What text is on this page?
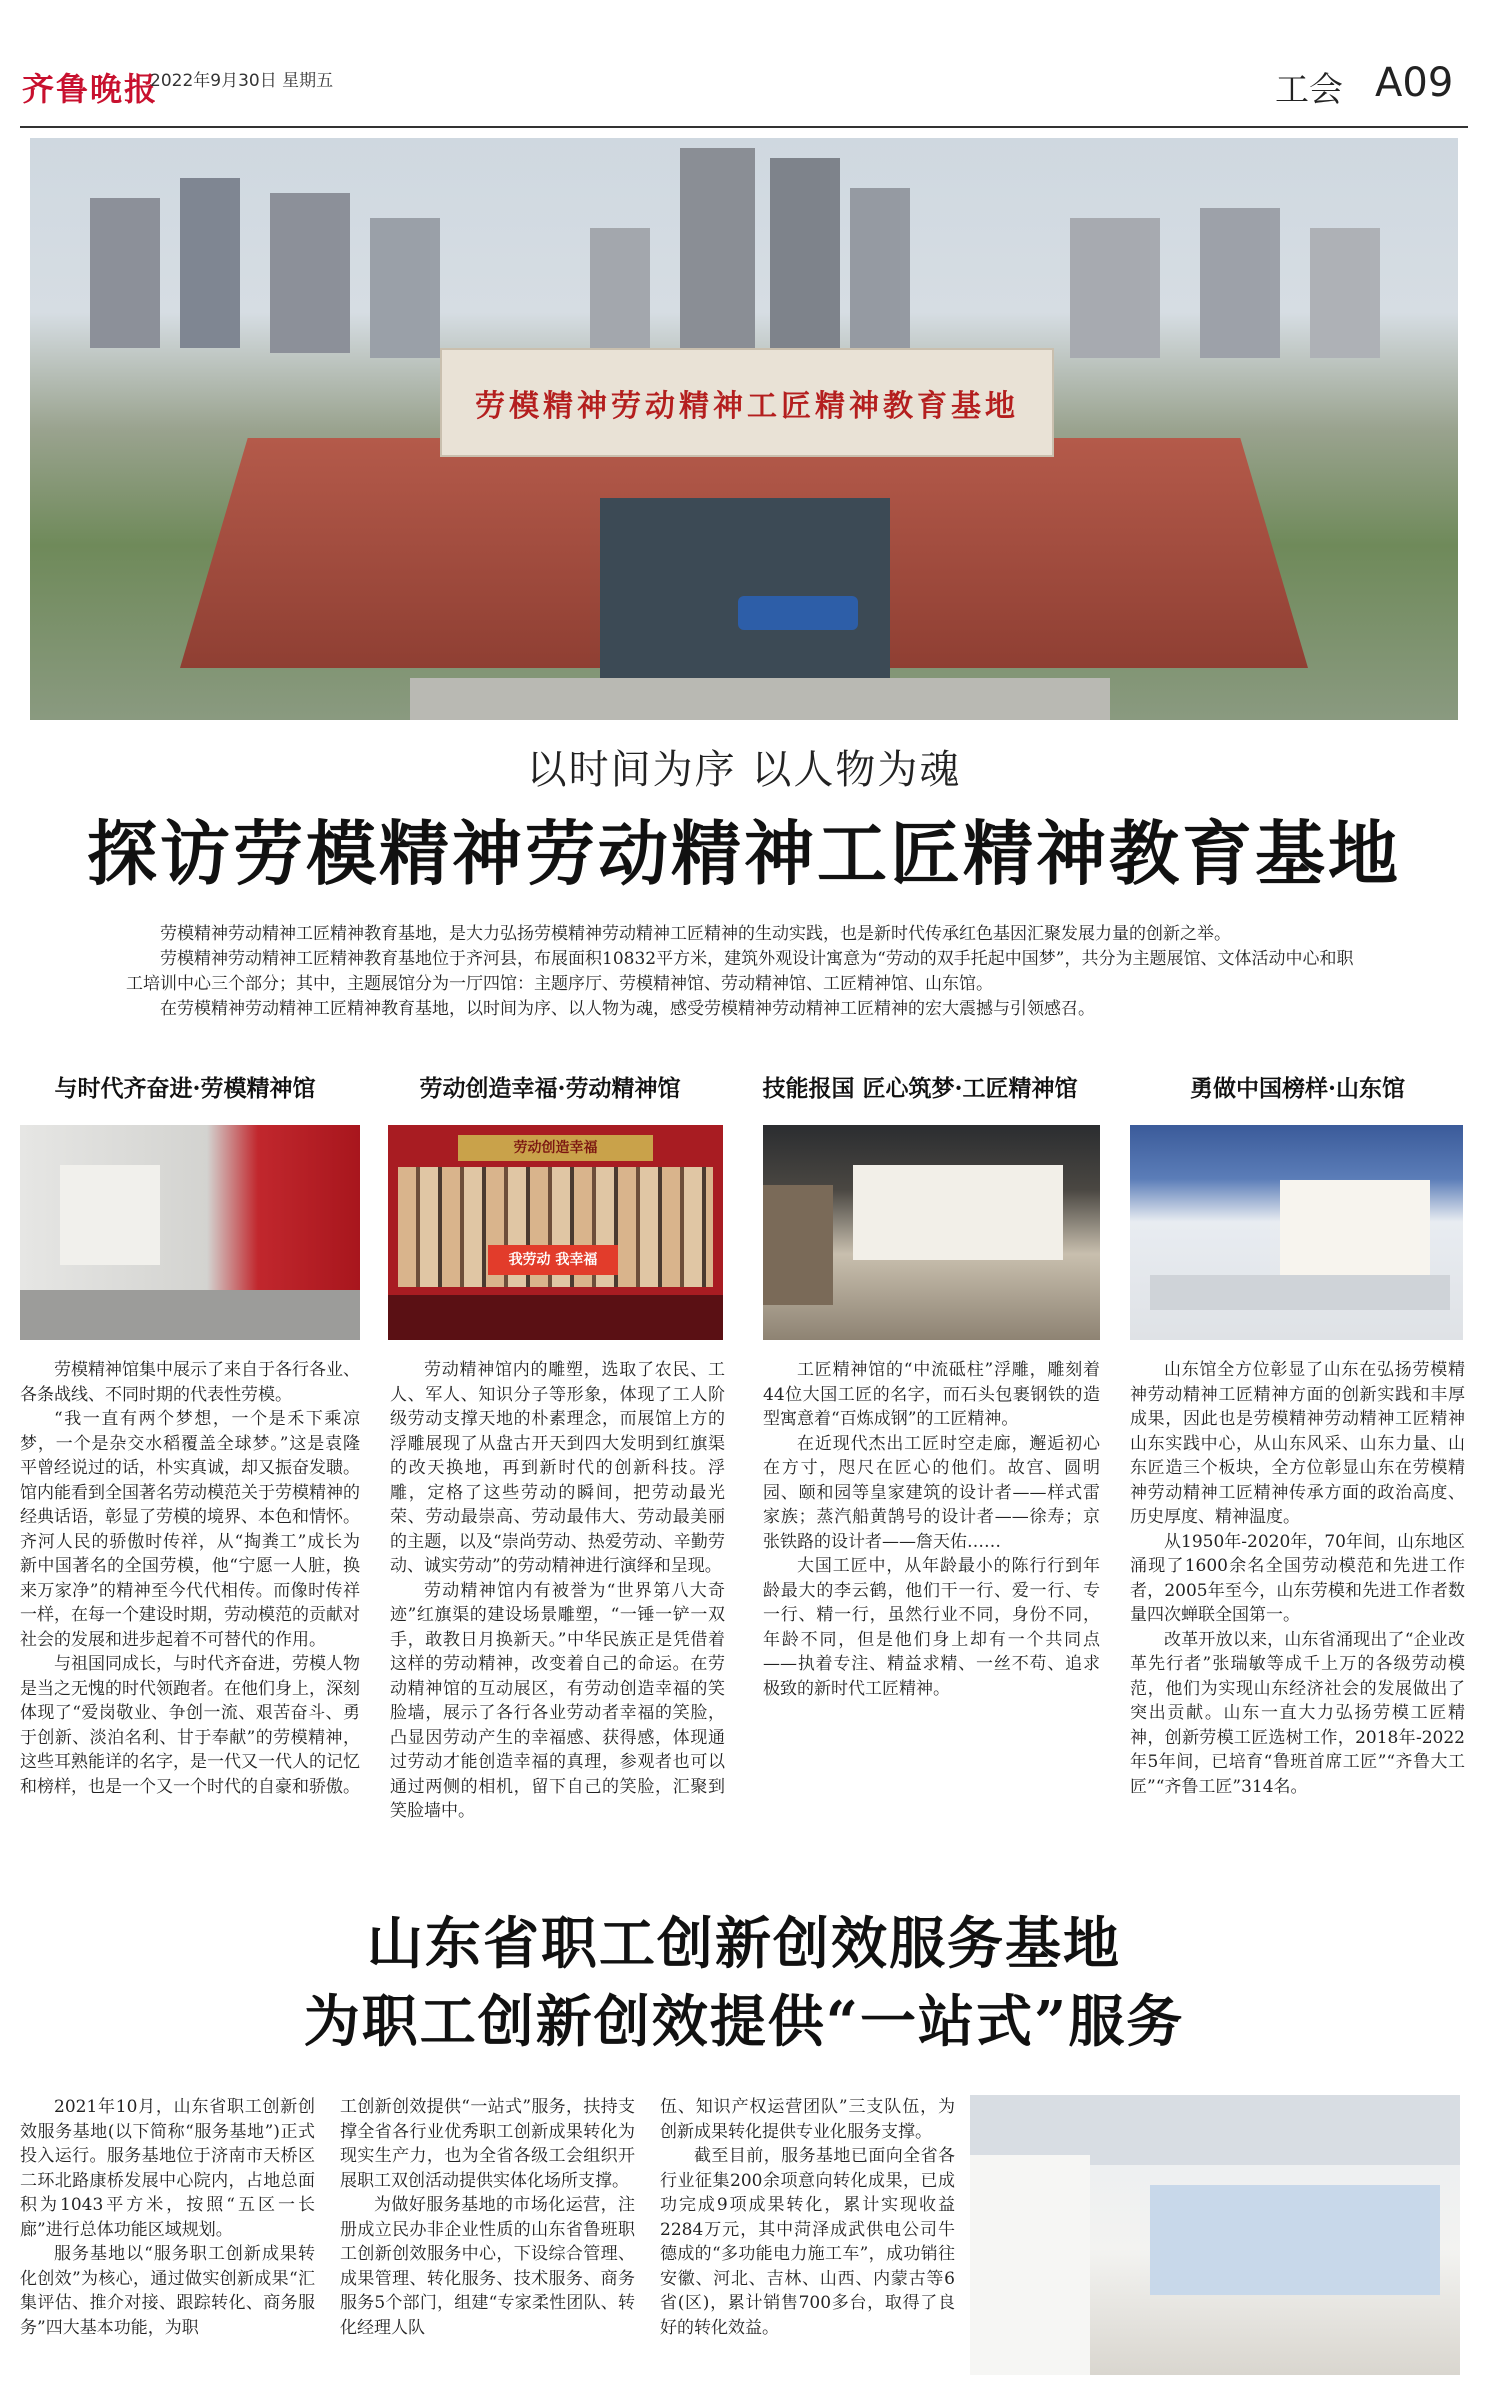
齐鲁晚报
2022年9月30日 星期五	工会 A09
劳模精神劳动精神工匠精神教育基地
以时间为序 以人物为魂
探访劳模精神劳动精神工匠精神教育基地

劳模精神劳动精神工匠精神教育基地，是大力弘扬劳模精神劳动精神工匠精神的生动实践，也是新时代传承红色基因汇聚发展力量的创新之举。

劳模精神劳动精神工匠精神教育基地位于齐河县，布展面积10832平方米，建筑外观设计寓意为“劳动的双手托起中国梦”，共分为主题展馆、文体活动中心和职工培训中心三个部分；其中，主题展馆分为一厅四馆：主题序厅、劳模精神馆、劳动精神馆、工匠精神馆、山东馆。

在劳模精神劳动精神工匠精神教育基地，以时间为序、以人物为魂，感受劳模精神劳动精神工匠精神的宏大震撼与引领感召。

与时代齐奋进·劳模精神馆	劳动创造幸福·劳动精神馆	技能报国 匠心筑梦·工匠精神馆	勇做中国榜样·山东馆
劳动创造幸福
我劳动 我幸福

劳模精神馆集中展示了来自于各行各业、各条战线、不同时期的代表性劳模。

“我一直有两个梦想，一个是禾下乘凉梦，一个是杂交水稻覆盖全球梦。”这是袁隆平曾经说过的话，朴实真诚，却又振奋发聩。馆内能看到全国著名劳动模范关于劳模精神的经典话语，彰显了劳模的境界、本色和情怀。齐河人民的骄傲时传祥，从“掏粪工”成长为新中国著名的全国劳模，他“宁愿一人脏，换来万家净”的精神至今代代相传。而像时传祥一样，在每一个建设时期，劳动模范的贡献对社会的发展和进步起着不可替代的作用。

与祖国同成长，与时代齐奋进，劳模人物是当之无愧的时代领跑者。在他们身上，深刻体现了“爱岗敬业、争创一流、艰苦奋斗、勇于创新、淡泊名利、甘于奉献”的劳模精神，这些耳熟能详的名字，是一代又一代人的记忆和榜样，也是一个又一个时代的自豪和骄傲。

劳动精神馆内的雕塑，选取了农民、工人、军人、知识分子等形象，体现了工人阶级劳动支撑天地的朴素理念，而展馆上方的浮雕展现了从盘古开天到四大发明到红旗渠的改天换地，再到新时代的创新科技。浮雕，定格了这些劳动的瞬间，把劳动最光荣、劳动最崇高、劳动最伟大、劳动最美丽的主题，以及“崇尚劳动、热爱劳动、辛勤劳动、诚实劳动”的劳动精神进行演绎和呈现。

劳动精神馆内有被誉为“世界第八大奇迹”红旗渠的建设场景雕塑，“一锤一铲一双手，敢教日月换新天。”中华民族正是凭借着这样的劳动精神，改变着自己的命运。在劳动精神馆的互动展区，有劳动创造幸福的笑脸墙，展示了各行各业劳动者幸福的笑脸，凸显因劳动产生的幸福感、获得感，体现通过劳动才能创造幸福的真理，参观者也可以通过两侧的相机，留下自己的笑脸，汇聚到笑脸墙中。

工匠精神馆的“中流砥柱”浮雕，雕刻着44位大国工匠的名字，而石头包裹钢铁的造型寓意着“百炼成钢”的工匠精神。

在近现代杰出工匠时空走廊，邂逅初心在方寸，咫尺在匠心的他们。故宫、圆明园、颐和园等皇家建筑的设计者——样式雷家族；蒸汽船黄鹄号的设计者——徐寿；京张铁路的设计者——詹天佑……

大国工匠中，从年龄最小的陈行行到年龄最大的李云鹤，他们干一行、爱一行、专一行、精一行，虽然行业不同，身份不同，年龄不同，但是他们身上却有一个共同点——执着专注、精益求精、一丝不苟、追求极致的新时代工匠精神。

山东馆全方位彰显了山东在弘扬劳模精神劳动精神工匠精神方面的创新实践和丰厚成果，因此也是劳模精神劳动精神工匠精神山东实践中心，从山东风采、山东力量、山东匠造三个板块，全方位彰显山东在劳模精神劳动精神工匠精神传承方面的政治高度、历史厚度、精神温度。

从1950年-2020年，70年间，山东地区涌现了1600余名全国劳动模范和先进工作者，2005年至今，山东劳模和先进工作者数量四次蝉联全国第一。

改革开放以来，山东省涌现出了“企业改革先行者”张瑞敏等成千上万的各级劳动模范，他们为实现山东经济社会的发展做出了突出贡献。山东一直大力弘扬劳模工匠精神，创新劳模工匠选树工作，2018年-2022年5年间，已培育“鲁班首席工匠”“齐鲁大工匠”“齐鲁工匠”314名。

山东省职工创新创效服务基地
为职工创新创效提供“一站式”服务

2021年10月，山东省职工创新创效服务基地(以下简称“服务基地”)正式投入运行。服务基地位于济南市天桥区二环北路康桥发展中心院内，占地总面积为1043平方米，按照“五区一长廊”进行总体功能区域规划。

服务基地以“服务职工创新成果转化创效”为核心，通过做实创新成果“汇集评估、推介对接、跟踪转化、商务服务”四大基本功能，为职

工创新创效提供“一站式”服务，扶持支撑全省各行业优秀职工创新成果转化为现实生产力，也为全省各级工会组织开展职工双创活动提供实体化场所支撑。

为做好服务基地的市场化运营，注册成立民办非企业性质的山东省鲁班职工创新创效服务中心，下设综合管理、成果管理、转化服务、技术服务、商务服务5个部门，组建“专家柔性团队、转化经理人队

伍、知识产权运营团队”三支队伍，为创新成果转化提供专业化服务支撑。

截至目前，服务基地已面向全省各行业征集200余项意向转化成果，已成功完成9项成果转化，累计实现收益2284万元，其中菏泽成武供电公司牛德成的“多功能电力施工车”，成功销往安徽、河北、吉林、山西、内蒙古等6省(区)，累计销售700多台，取得了良好的转化效益。
